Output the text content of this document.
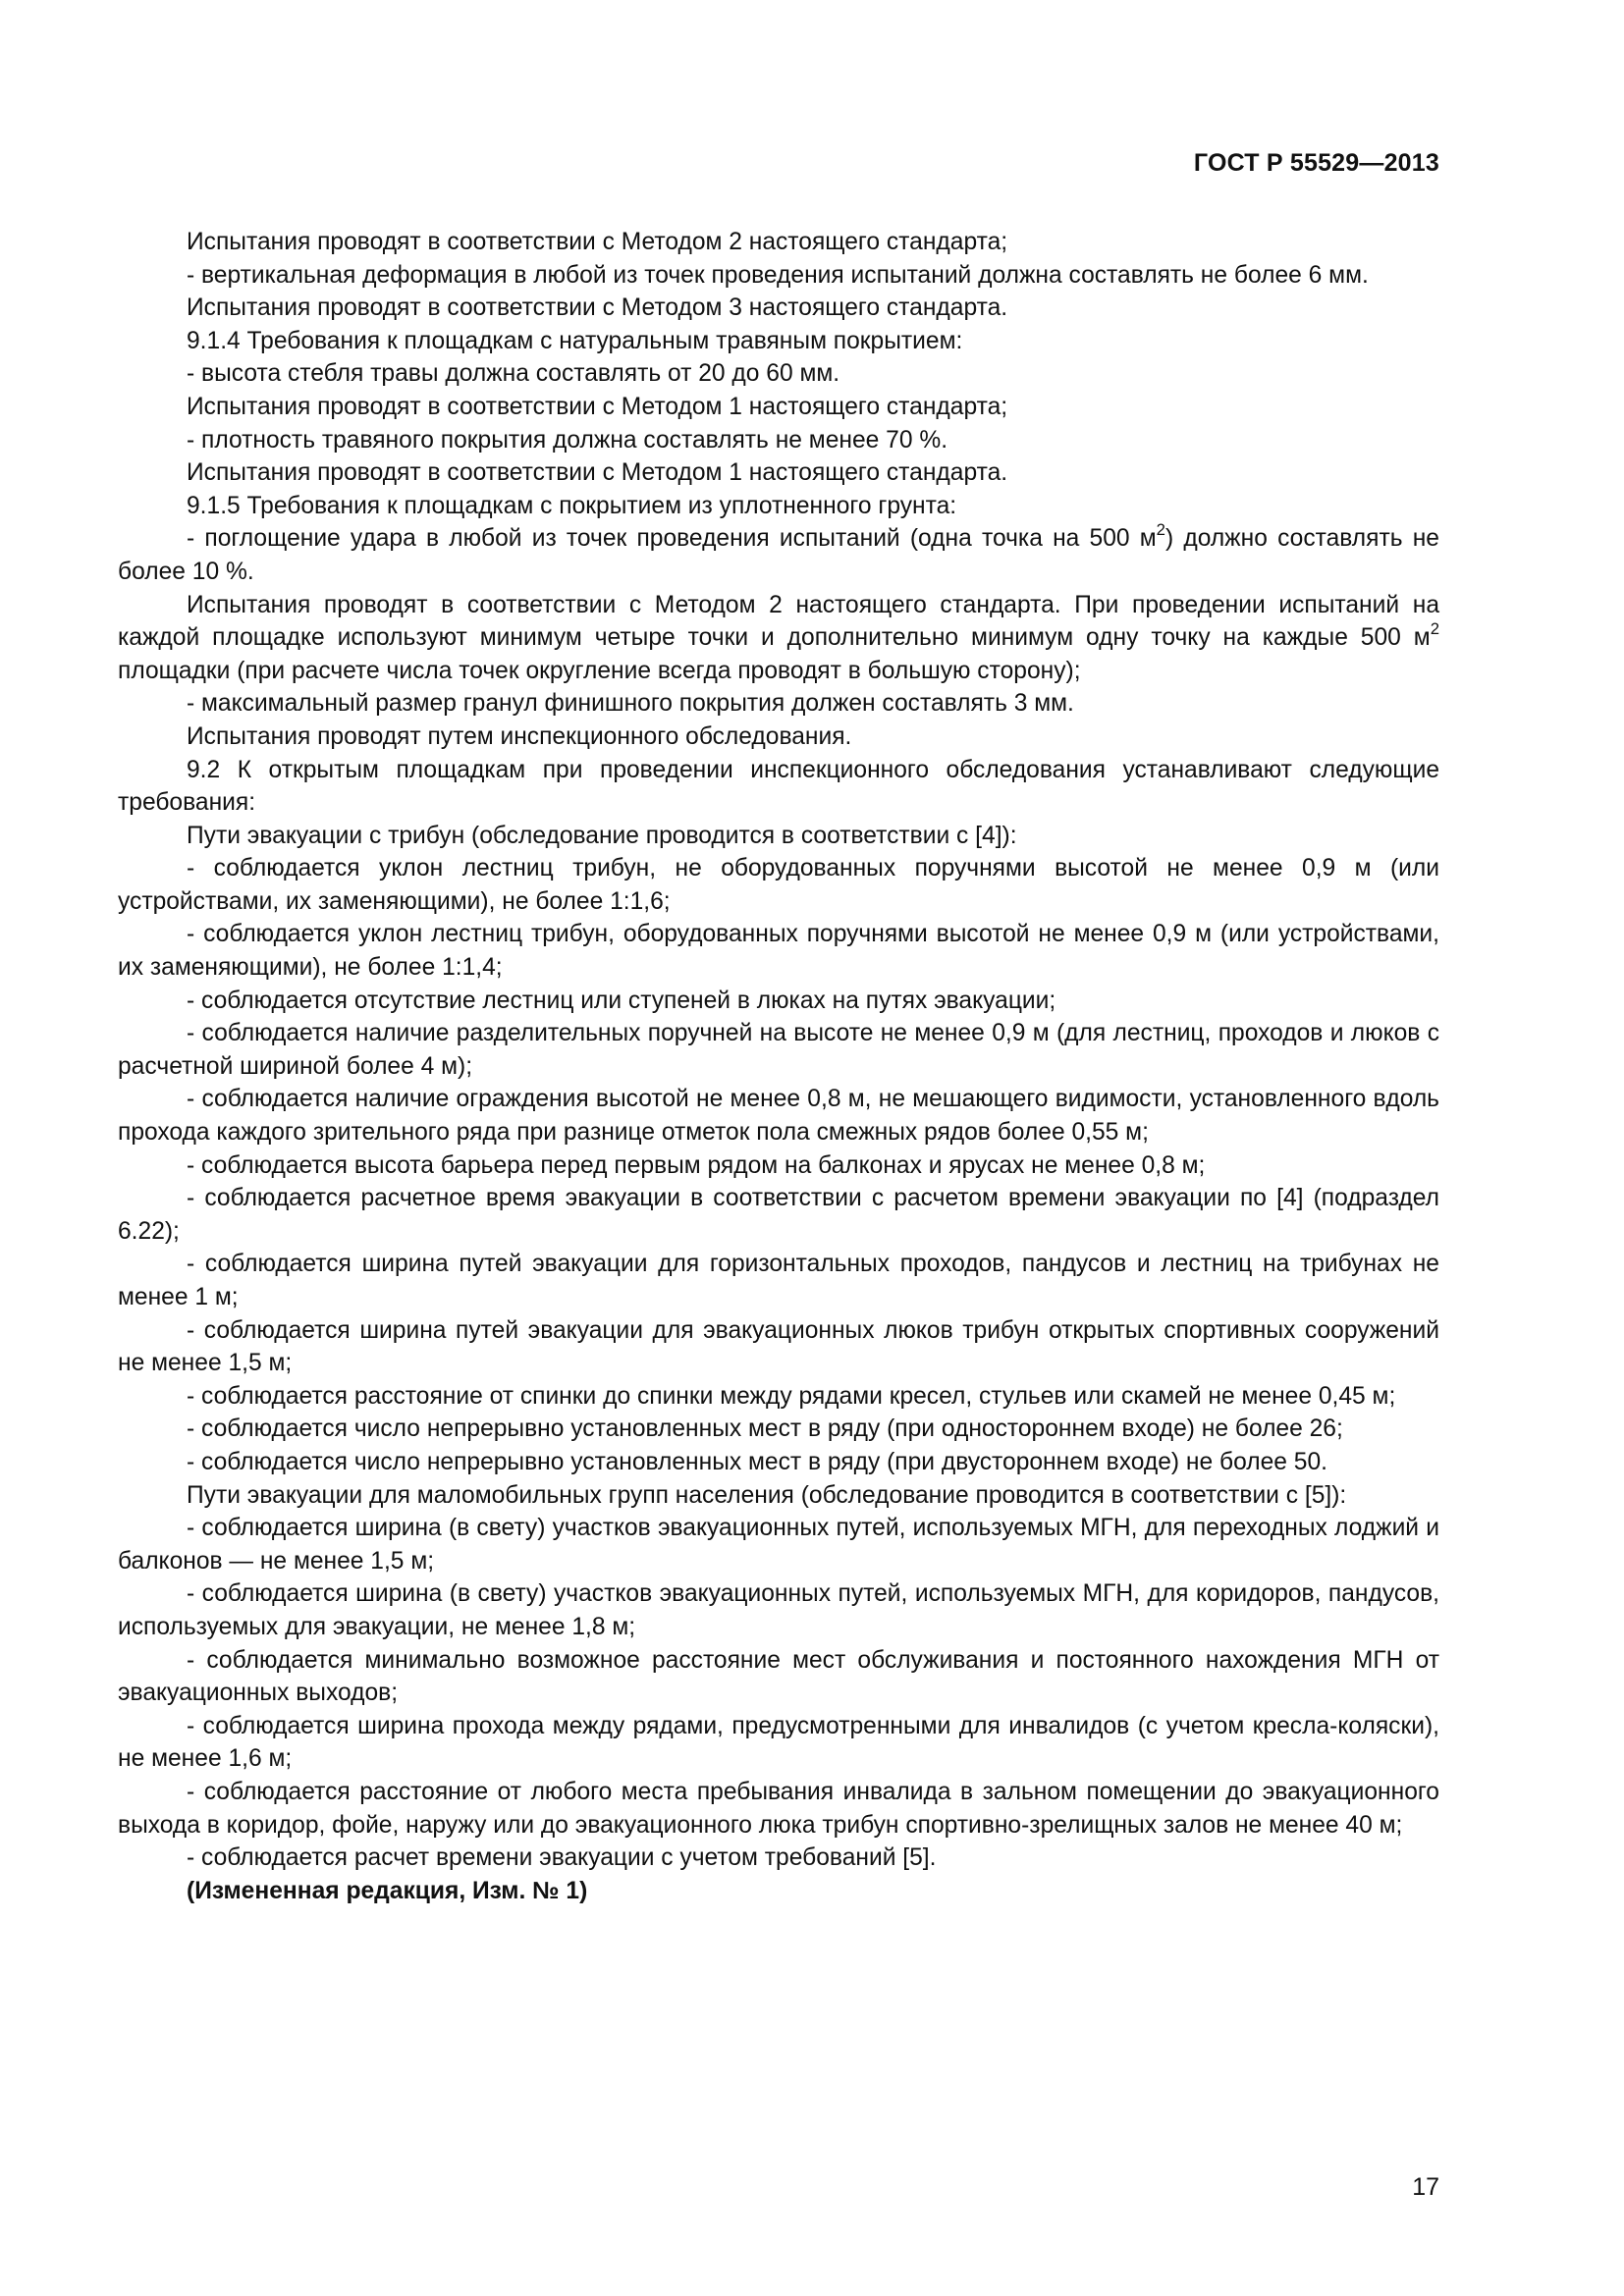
ГОСТ Р 55529—2013

Испытания проводят в соответствии с Методом 2 настоящего стандарта;

- вертикальная деформация в любой из точек проведения испытаний должна составлять не более 6 мм.

Испытания проводят в соответствии с Методом 3 настоящего стандарта.

9.1.4 Требования к площадкам с натуральным травяным покрытием:

- высота стебля травы должна составлять от 20 до 60 мм.

Испытания проводят в соответствии с Методом 1 настоящего стандарта;

- плотность травяного покрытия должна составлять не менее 70 %.

Испытания проводят в соответствии с Методом 1 настоящего стандарта.

9.1.5 Требования к площадкам с покрытием из уплотненного грунта:

- поглощение удара в любой из точек проведения испытаний (одна точка на 500 $м^2$) должно составлять не более 10 %.

Испытания проводят в соответствии с Методом 2 настоящего стандарта. При проведении испытаний на каждой площадке используют минимум четыре точки и дополнительно минимум одну точку на каждые 500 $м^2$ площадки (при расчете числа точек округление всегда проводят в большую сторону);

- максимальный размер гранул финишного покрытия должен составлять 3 мм.

Испытания проводят путем инспекционного обследования.

9.2 К открытым площадкам при проведении инспекционного обследования устанавливают следующие требования:

Пути эвакуации с трибун (обследование проводится в соответствии с [4]):

- соблюдается уклон лестниц трибун, не оборудованных поручнями высотой не менее 0,9 м (или устройствами, их заменяющими), не более 1:1,6;

- соблюдается уклон лестниц трибун, оборудованных поручнями высотой не менее 0,9 м (или устройствами, их заменяющими), не более 1:1,4;

- соблюдается отсутствие лестниц или ступеней в люках на путях эвакуации;

- соблюдается наличие разделительных поручней на высоте не менее 0,9 м (для лестниц, проходов и люков с расчетной шириной более 4 м);

- соблюдается наличие ограждения высотой не менее 0,8 м, не мешающего видимости, установленного вдоль прохода каждого зрительного ряда при разнице отметок пола смежных рядов более 0,55 м;

- соблюдается высота барьера перед первым рядом на балконах и ярусах не менее 0,8 м;

- соблюдается расчетное время эвакуации в соответствии с расчетом времени эвакуации по [4] (подраздел 6.22);

- соблюдается ширина путей эвакуации для горизонтальных проходов, пандусов и лестниц на трибунах не менее 1 м;

- соблюдается ширина путей эвакуации для эвакуационных люков трибун открытых спортивных сооружений не менее 1,5 м;

- соблюдается расстояние от спинки до спинки между рядами кресел, стульев или скамей не менее 0,45 м;

- соблюдается число непрерывно установленных мест в ряду (при одностороннем входе) не более 26;

- соблюдается число непрерывно установленных мест в ряду (при двустороннем входе) не более 50.

Пути эвакуации для маломобильных групп населения (обследование проводится в соответствии с [5]):

- соблюдается ширина (в свету) участков эвакуационных путей, используемых МГН, для переходных лоджий и балконов — не менее 1,5 м;

- соблюдается ширина (в свету) участков эвакуационных путей, используемых МГН, для коридоров, пандусов, используемых для эвакуации, не менее 1,8 м;

- соблюдается минимально возможное расстояние мест обслуживания и постоянного нахождения МГН от эвакуационных выходов;

- соблюдается ширина прохода между рядами, предусмотренными для инвалидов (с учетом кресла-коляски), не менее 1,6 м;

- соблюдается расстояние от любого места пребывания инвалида в зальном помещении до эвакуационного выхода в коридор, фойе, наружу или до эвакуационного люка трибун спортивно-зрелищных залов не менее 40 м;

- соблюдается расчет времени эвакуации с учетом требований [5].

(Измененная редакция, Изм. № 1)

17
